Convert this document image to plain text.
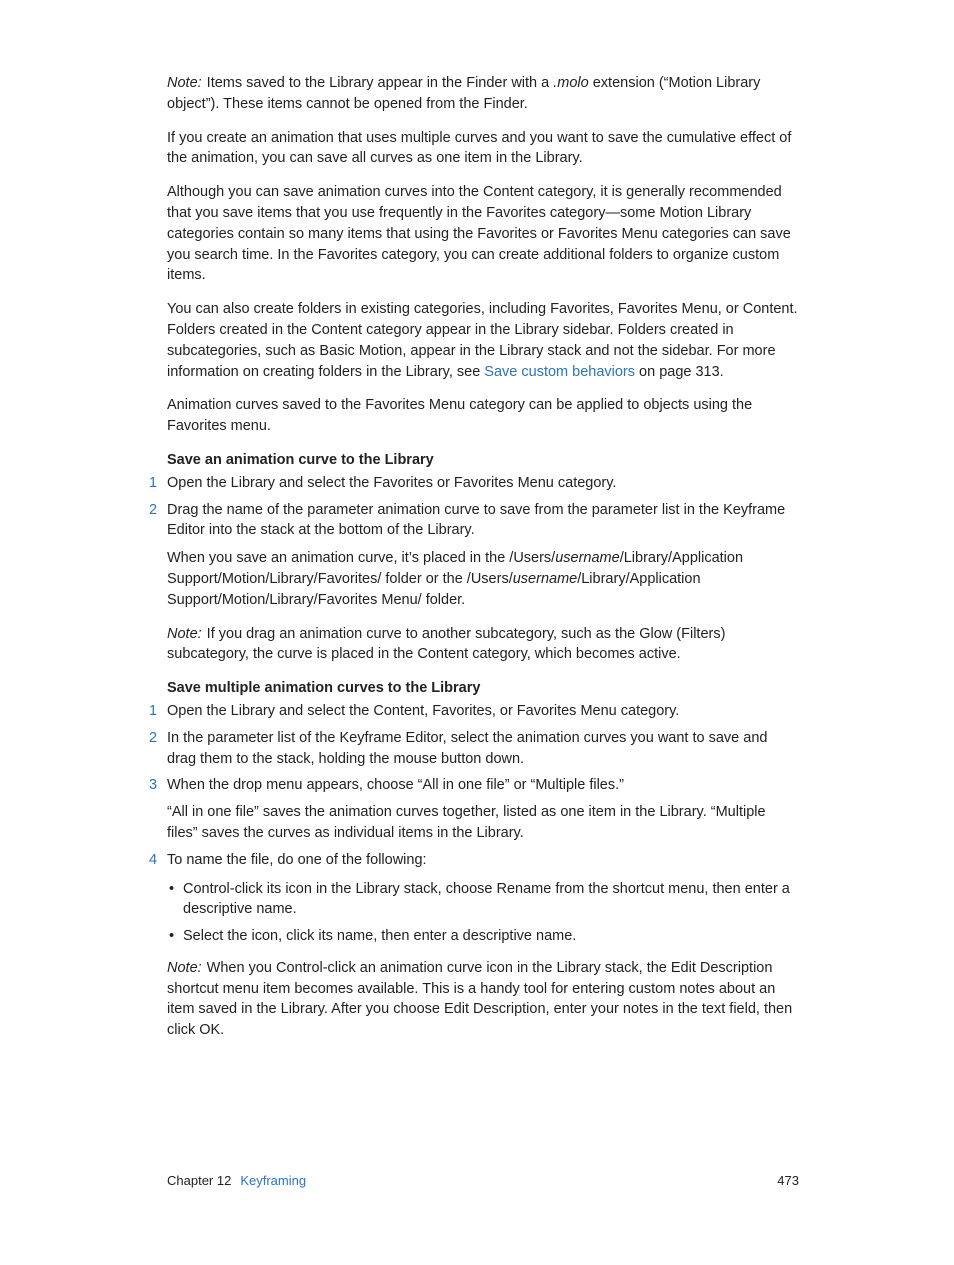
Note: Items saved to the Library appear in the Finder with a .molo extension (“Motion Library object”). These items cannot be opened from the Finder.

If you create an animation that uses multiple curves and you want to save the cumulative effect of the animation, you can save all curves as one item in the Library.

Although you can save animation curves into the Content category, it is generally recommended that you save items that you use frequently in the Favorites category—some Motion Library categories contain so many items that using the Favorites or Favorites Menu categories can save you search time. In the Favorites category, you can create additional folders to organize custom items.

You can also create folders in existing categories, including Favorites, Favorites Menu, or Content. Folders created in the Content category appear in the Library sidebar. Folders created in subcategories, such as Basic Motion, appear in the Library stack and not the sidebar. For more information on creating folders in the Library, see Save custom behaviors on page 313.

Animation curves saved to the Favorites Menu category can be applied to objects using the Favorites menu.

Save an animation curve to the Library
1 Open the Library and select the Favorites or Favorites Menu category.
2 Drag the name of the parameter animation curve to save from the parameter list in the Keyframe Editor into the stack at the bottom of the Library.

When you save an animation curve, it’s placed in the /Users/username/Library/Application Support/Motion/Library/Favorites/ folder or the /Users/username/Library/Application Support/Motion/Library/Favorites Menu/ folder.

Note: If you drag an animation curve to another subcategory, such as the Glow (Filters) subcategory, the curve is placed in the Content category, which becomes active.

Save multiple animation curves to the Library
1 Open the Library and select the Content, Favorites, or Favorites Menu category.
2 In the parameter list of the Keyframe Editor, select the animation curves you want to save and drag them to the stack, holding the mouse button down.
3 When the drop menu appears, choose “All in one file” or “Multiple files.”

“All in one file” saves the animation curves together, listed as one item in the Library. “Multiple files” saves the curves as individual items in the Library.

4 To name the file, do one of the following:
• Control-click its icon in the Library stack, choose Rename from the shortcut menu, then enter a descriptive name.
• Select the icon, click its name, then enter a descriptive name.

Note: When you Control-click an animation curve icon in the Library stack, the Edit Description shortcut menu item becomes available. This is a handy tool for entering custom notes about an item saved in the Library. After you choose Edit Description, enter your notes in the text field, then click OK.

Chapter 12 Keyframing	473
